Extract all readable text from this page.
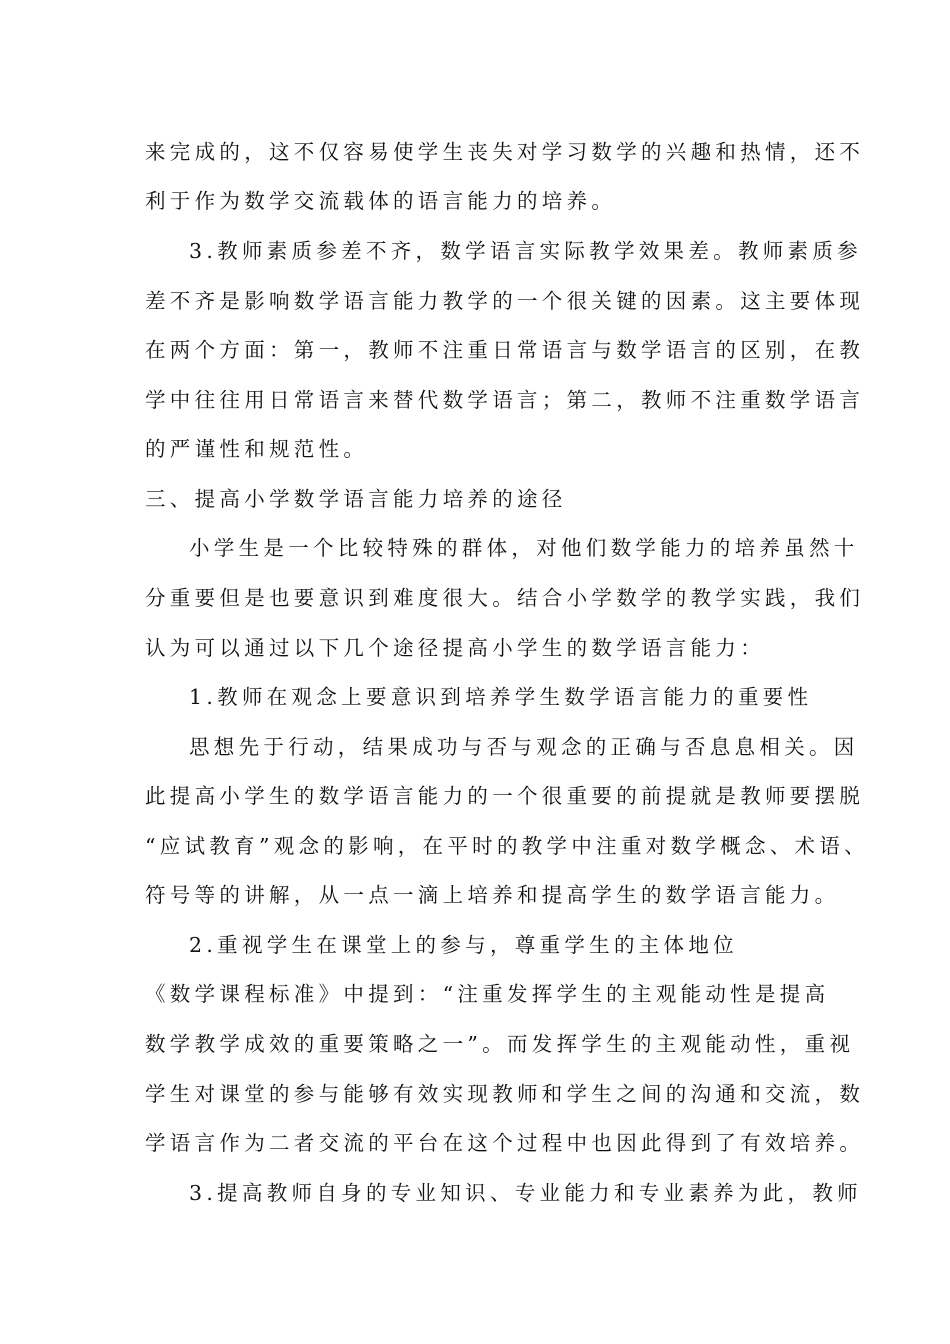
来完成的，这不仅容易使学生丧失对学习数学的兴趣和热情，还不
利于作为数学交流载体的语言能力的培养。
3.教师素质参差不齐，数学语言实际教学效果差。教师素质参
差不齐是影响数学语言能力教学的一个很关键的因素。这主要体现
在两个方面：第一，教师不注重日常语言与数学语言的区别，在教
学中往往用日常语言来替代数学语言；第二，教师不注重数学语言
的严谨性和规范性。
三、提高小学数学语言能力培养的途径
小学生是一个比较特殊的群体，对他们数学能力的培养虽然十
分重要但是也要意识到难度很大。结合小学数学的教学实践，我们
认为可以通过以下几个途径提高小学生的数学语言能力：
1.教师在观念上要意识到培养学生数学语言能力的重要性
思想先于行动，结果成功与否与观念的正确与否息息相关。因
此提高小学生的数学语言能力的一个很重要的前提就是教师要摆脱
“应试教育”观念的影响，在平时的教学中注重对数学概念、术语、
符号等的讲解，从一点一滴上培养和提高学生的数学语言能力。
2.重视学生在课堂上的参与，尊重学生的主体地位
《数学课程标准》中提到：“注重发挥学生的主观能动性是提高
数学教学成效的重要策略之一”。而发挥学生的主观能动性，重视
学生对课堂的参与能够有效实现教师和学生之间的沟通和交流，数
学语言作为二者交流的平台在这个过程中也因此得到了有效培养。
3.提高教师自身的专业知识、专业能力和专业素养为此，教师
